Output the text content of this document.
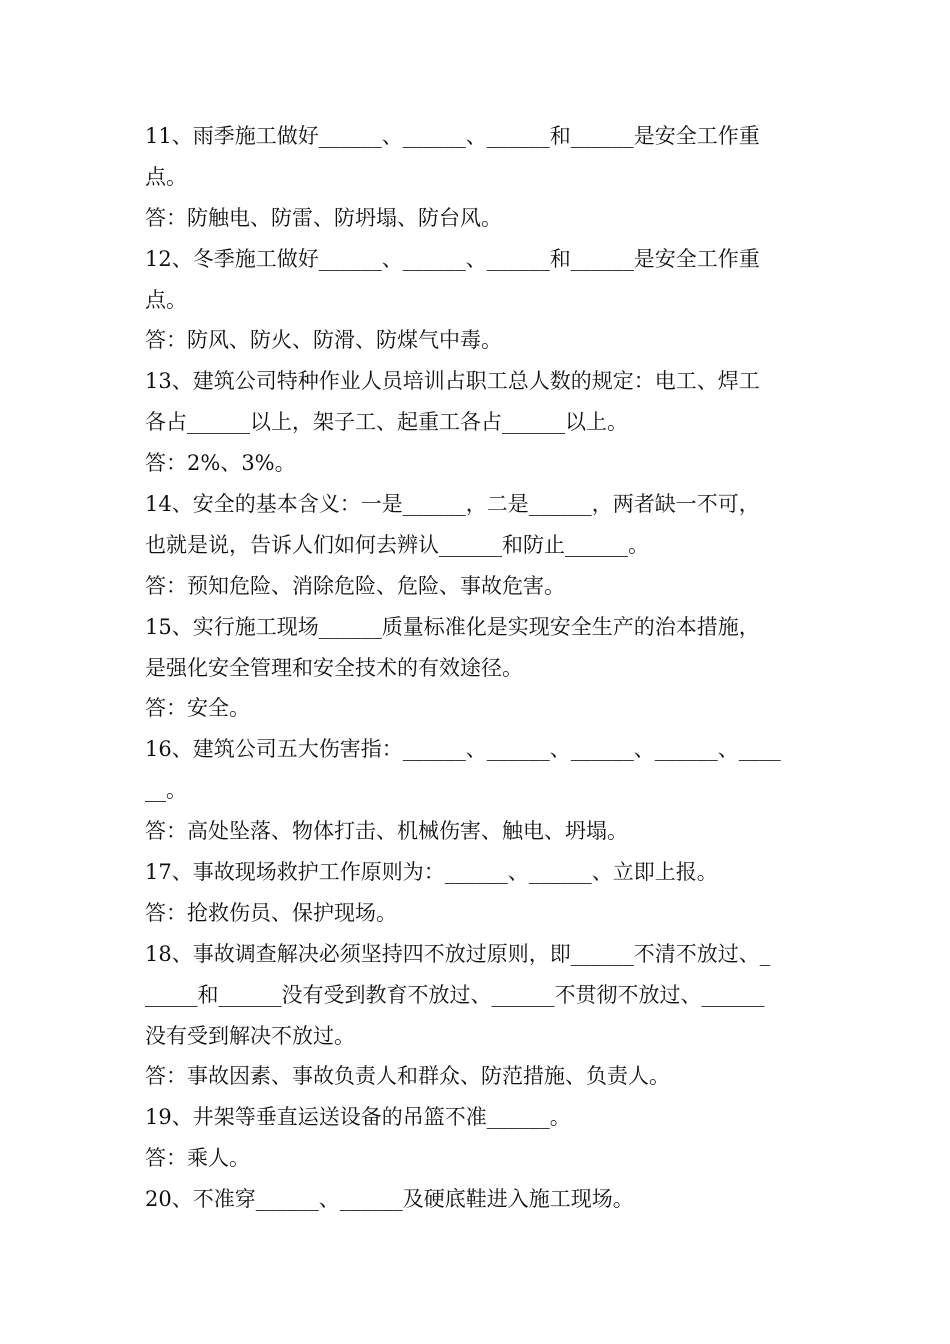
11、雨季施工做好______、______、______和______是安全工作重
点。
答：防触电、防雷、防坍塌、防台风。
12、冬季施工做好______、______、______和______是安全工作重
点。
答：防风、防火、防滑、防煤气中毒。
13、建筑公司特种作业人员培训占职工总人数的规定：电工、焊工
各占______以上，架子工、起重工各占______以上。
答：2%、3%。
14、安全的基本含义：一是______，二是______，两者缺一不可，
也就是说，告诉人们如何去辨认______和防止______。
答：预知危险、消除危险、危险、事故危害。
15、实行施工现场______质量标准化是实现安全生产的治本措施，
是强化安全管理和安全技术的有效途径。
答：安全。
16、建筑公司五大伤害指：______、______、______、______、____
__。
答：高处坠落、物体打击、机械伤害、触电、坍塌。
17、事故现场救护工作原则为：______、______、立即上报。
答：抢救伤员、保护现场。
18、事故调查解决必须坚持四不放过原则，即______不清不放过、_
_____和______没有受到教育不放过、______不贯彻不放过、______
没有受到解决不放过。
答：事故因素、事故负责人和群众、防范措施、负责人。
19、井架等垂直运送设备的吊篮不准______。
答：乘人。
20、不准穿______、______及硬底鞋进入施工现场。
